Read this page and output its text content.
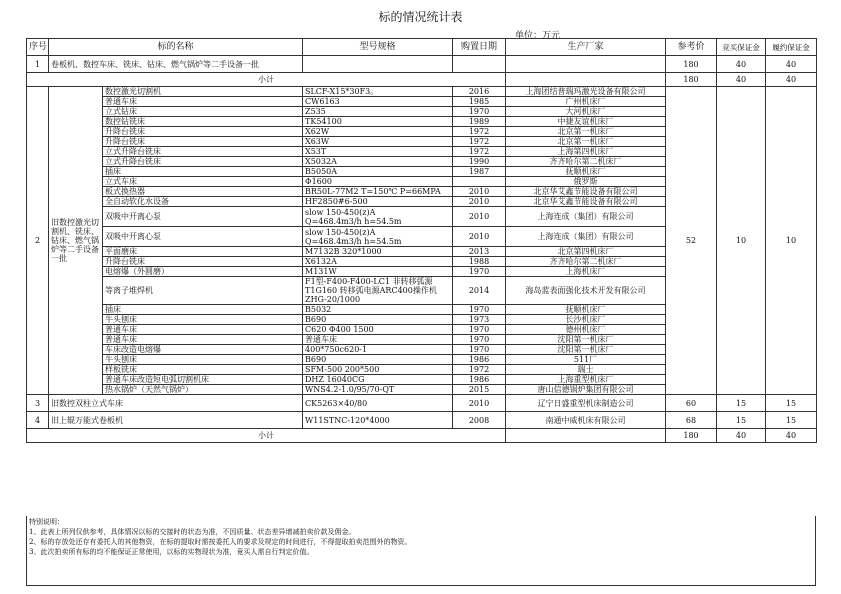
标的情况统计表
单位：万元
序号	标的名称		型号规格	购置日期	生产厂家	参考价	竞买保证金	履约保证金
1	卷板机、数控车床、铣床、钻床、燃气锅炉等二手设备一批					180	40	40
小计						180	40	40
2	旧数控激光切割机、铣床、钻床、燃气锅炉等二手设备一批	数控激光切割机	SLCF-X15*30F3。	2016	上海团结普瑞玛激光设备有限公司	52	10	10
		普通车床	CW6163	1985	广州机床厂			
		立式钻床	Z535	1970	大河机床厂			
		数控钻铣床	TK54100	1989	中捷友谊机床厂			
		升降台铣床	X62W	1972	北京第一机床厂			
		升降台铣床	X63W	1972	北京第一机床厂			
		立式升降台铣床	X53T	1972	上海第四机床厂			
		立式升降台铣床	X5032A	1990	齐齐哈尔第二机床厂			
		插床	B5050A	1987	抚顺机床厂			
		立式车床	Φ1600		俄罗斯			
		板式换热器	BR50L-77M2 T=150℃ P=66MPA	2010	北京华艾鑫节能设备有限公司			
		全自动软化水设备	HF2850#6-500	2010	北京华艾鑫节能设备有限公司			
		双吸中开离心泵	slow 150-450(z)A
Q=468.4m3/h h=54.5m	2010	上海连成（集团）有限公司			
		双吸中开离心泵	slow 150-450(z)A
Q=468.4m3/h h=54.5m	2010	上海连成（集团）有限公司			
		平面磨床	M7132B 320*1000	2013	北京第四机床厂			
		升降台铣床	X6132A	1988	齐齐哈尔第二机床厂			
		电熔爆（外圆磨）	M131W	1970	上海机床厂			
		等离子堆焊机	F1型-F400-F400-LC1 非转移弧源
T1G160 转移弧电源ARC400操作机
ZHG-20/1000	2014	海岛蓝表面强化技术开发有限公司			
		插床	B5032	1970	抚顺机床厂			
		牛头刨床	B690	1973	长沙机床厂			
		普通车床	C620 Φ400 1500	1970	德州机床厂			
		普通车床	普通车床	1970	沈阳第一机床厂			
		车床改造电熔爆	400*750c620-1	1970	沈阳第一机床厂			
		牛头刨床	B690	1986	511厂			
		样板铣床	SFM-500 200*500	1972	瑞士			
		普通车床改造短电弧切割机床	DHZ 16040CG	1986	上海重型机床厂			
		热水锅炉（天然气锅炉）	WNS4.2-1.0/95/70-QT	2015	唐山信德锅炉集团有限公司			
3	旧数控双柱立式车床		CK5263×40/80	2010	辽宁日盛重型机床制造公司	60	15	15
4	旧上辊万能式卷板机		W11STNC-120*4000	2008	南通中威机床有限公司	68	15	15
小计						180	40	40
特别说明：
1、此表上所列仅供参考，具体情况以标的交接时的状态为准，不因质量、状态差异增减拍卖价款及佣金。
2、标的存放处还存有委托人的其他物资，在标的提取时需按委托人的要求及规定的时间进行，不得提取拍卖范围外的物资。
3、此次拍卖所有标的均不能保证正常使用，以标的实物现状为准，竟买人需自行判定价值。
